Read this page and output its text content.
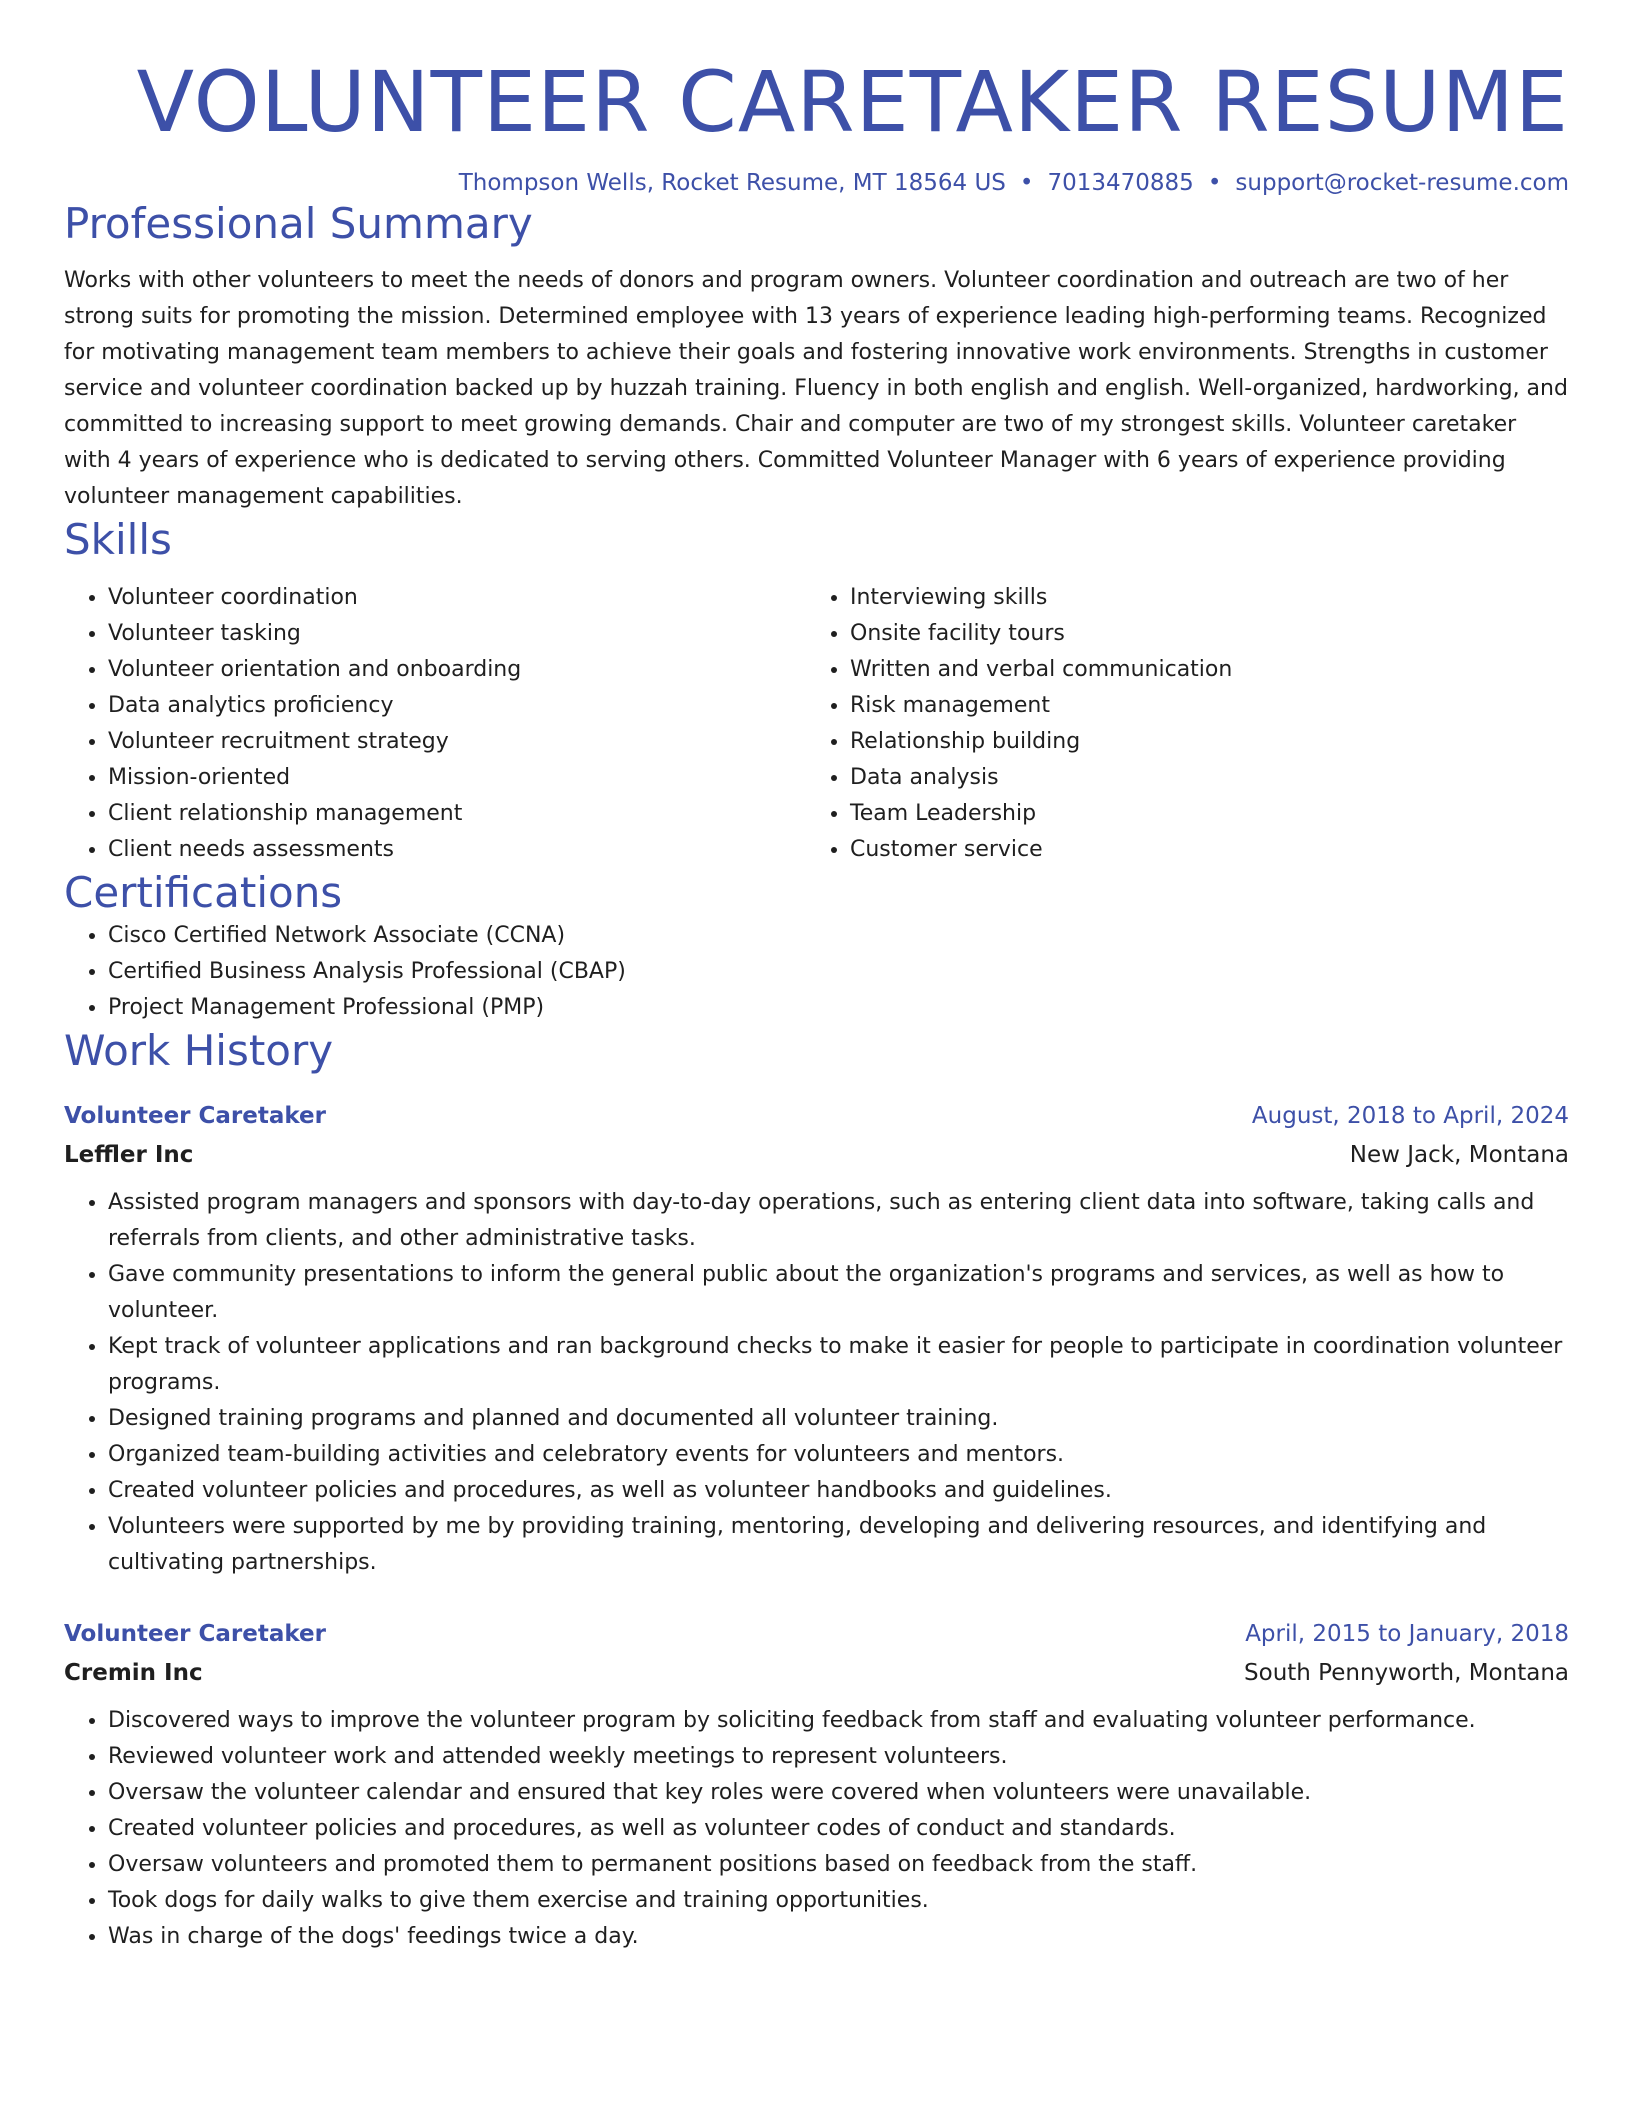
VOLUNTEER CARETAKER RESUME
Thompson Wells, Rocket Resume, MT 18564 US • 7013470885 • support@rocket-resume.com
Professional Summary

Works with other volunteers to meet the needs of donors and program owners. Volunteer coordination and outreach are two of her strong suits for promoting the mission. Determined employee with 13 years of experience leading high-performing teams. Recognized for motivating management team members to achieve their goals and fostering innovative work environments. Strengths in customer service and volunteer coordination backed up by huzzah training. Fluency in both english and english. Well-organized, hardworking, and committed to increasing support to meet growing demands. Chair and computer are two of my strongest skills. Volunteer caretaker with 4 years of experience who is dedicated to serving others. Committed Volunteer Manager with 6 years of experience providing volunteer management capabilities.

Skills
• Volunteer coordination
• Volunteer tasking
• Volunteer orientation and onboarding
• Data analytics proficiency
• Volunteer recruitment strategy
• Mission-oriented
• Client relationship management
• Client needs assessments
• Interviewing skills
• Onsite facility tours
• Written and verbal communication
• Risk management
• Relationship building
• Data analysis
• Team Leadership
• Customer service
Certifications
• Cisco Certified Network Associate (CCNA)
• Certified Business Analysis Professional (CBAP)
• Project Management Professional (PMP)
Work History
Volunteer Caretaker	August, 2018 to April, 2024
Leffler Inc	New Jack, Montana
• Assisted program managers and sponsors with day-to-day operations, such as entering client data into software, taking calls and referrals from clients, and other administrative tasks.
• Gave community presentations to inform the general public about the organization's programs and services, as well as how to volunteer.
• Kept track of volunteer applications and ran background checks to make it easier for people to participate in coordination volunteer programs.
• Designed training programs and planned and documented all volunteer training.
• Organized team-building activities and celebratory events for volunteers and mentors.
• Created volunteer policies and procedures, as well as volunteer handbooks and guidelines.
• Volunteers were supported by me by providing training, mentoring, developing and delivering resources, and identifying and cultivating partnerships.
Volunteer Caretaker	April, 2015 to January, 2018
Cremin Inc	South Pennyworth, Montana
• Discovered ways to improve the volunteer program by soliciting feedback from staff and evaluating volunteer performance.
• Reviewed volunteer work and attended weekly meetings to represent volunteers.
• Oversaw the volunteer calendar and ensured that key roles were covered when volunteers were unavailable.
• Created volunteer policies and procedures, as well as volunteer codes of conduct and standards.
• Oversaw volunteers and promoted them to permanent positions based on feedback from the staff.
• Took dogs for daily walks to give them exercise and training opportunities.
• Was in charge of the dogs' feedings twice a day.
